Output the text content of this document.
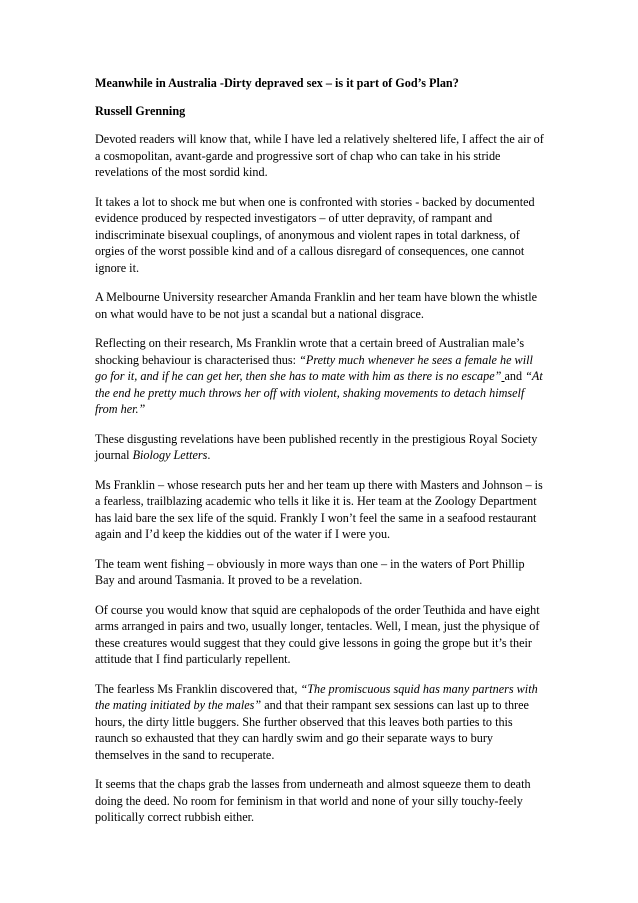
Meanwhile in Australia -Dirty depraved sex – is it part of God’s Plan?

Russell Grenning

Devoted readers will know that, while I have led a relatively sheltered life, I affect the air of a cosmopolitan, avant-garde and progressive sort of chap who can take in his stride revelations of the most sordid kind.

It takes a lot to shock me but when one is confronted with stories - backed by documented evidence produced by respected investigators – of utter depravity, of rampant and indiscriminate bisexual couplings, of anonymous and violent rapes in total darkness, of orgies of the worst possible kind and of a callous disregard of consequences, one cannot ignore it.

A Melbourne University researcher Amanda Franklin and her team have blown the whistle on what would have to be not just a scandal but a national disgrace.

Reflecting on their research, Ms Franklin wrote that a certain breed of Australian male’s shocking behaviour is characterised thus: “Pretty much whenever he sees a female he will go for it, and if he can get her, then she has to mate with him as there is no escape” and “At the end he pretty much throws her off with violent, shaking movements to detach himself from her.”

These disgusting revelations have been published recently in the prestigious Royal Society journal Biology Letters.

Ms Franklin – whose research puts her and her team up there with Masters and Johnson – is a fearless, trailblazing academic who tells it like it is. Her team at the Zoology Department has laid bare the sex life of the squid. Frankly I won’t feel the same in a seafood restaurant again and I’d keep the kiddies out of the water if I were you.

The team went fishing – obviously in more ways than one – in the waters of Port Phillip Bay and around Tasmania. It proved to be a revelation.

Of course you would know that squid are cephalopods of the order Teuthida and have eight arms arranged in pairs and two, usually longer, tentacles. Well, I mean, just the physique of these creatures would suggest that they could give lessons in going the grope but it’s their attitude that I find particularly repellent.

The fearless Ms Franklin discovered that, “The promiscuous squid has many partners with the mating initiated by the males” and that their rampant sex sessions can last up to three hours, the dirty little buggers. She further observed that this leaves both parties to this raunch so exhausted that they can hardly swim and go their separate ways to bury themselves in the sand to recuperate.

It seems that the chaps grab the lasses from underneath and almost squeeze them to death doing the deed. No room for feminism in that world and none of your silly touchy-feely politically correct rubbish either.
